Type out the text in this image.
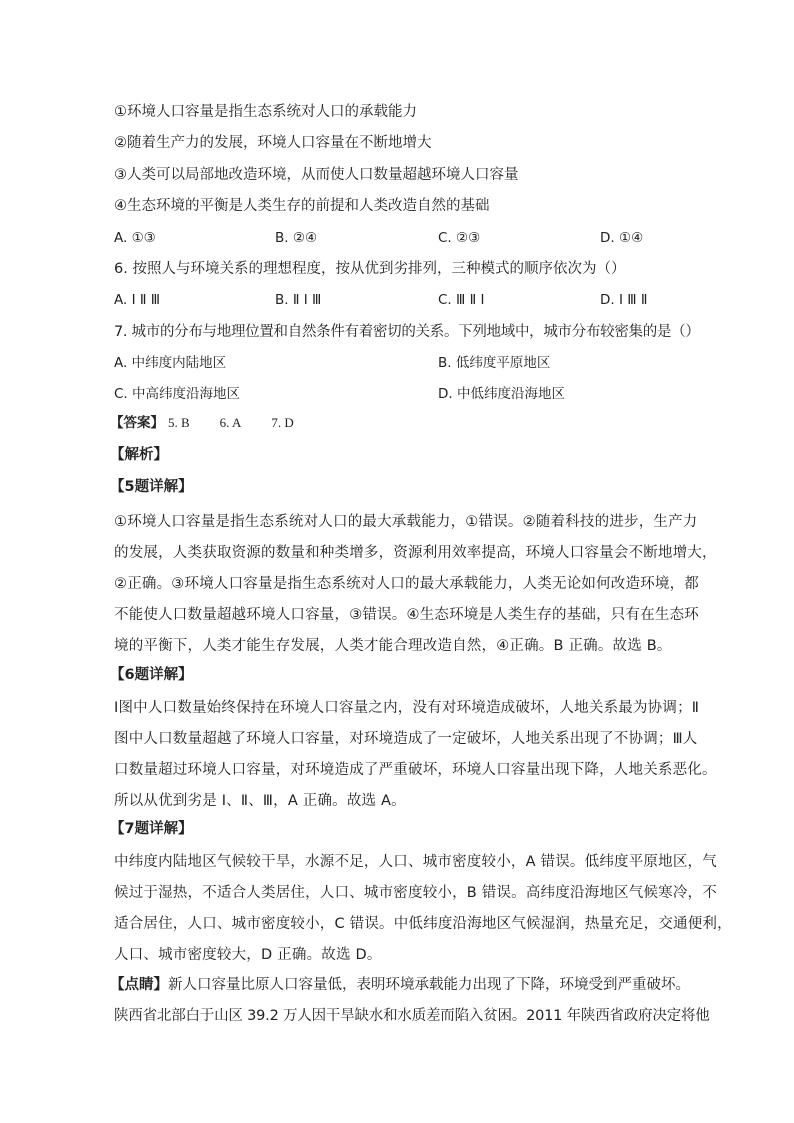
①环境人口容量是指生态系统对人口的承载能力
②随着生产力的发展，环境人口容量在不断地增大
③人类可以局部地改造环境，从而使人口数量超越环境人口容量
④生态环境的平衡是人类生存的前提和人类改造自然的基础
A. ①③	B. ②④	C. ②③	D. ①④
6. 按照人与环境关系的理想程度，按从优到劣排列，三种模式的顺序依次为（）
A. Ⅰ Ⅱ Ⅲ	B. Ⅱ Ⅰ Ⅲ	C. Ⅲ Ⅱ Ⅰ	D. Ⅰ Ⅲ Ⅱ
7. 城市的分布与地理位置和自然条件有着密切的关系。下列地域中，城市分布较密集的是（）
A. 中纬度内陆地区	B. 低纬度平原地区
C. 中高纬度沿海地区	D. 中低纬度沿海地区
【答案】 5. B 6. A 7. D
【解析】
【5题详解】
①环境人口容量是指生态系统对人口的最大承载能力，①错误。②随着科技的进步，生产力
的发展，人类获取资源的数量和种类增多，资源利用效率提高，环境人口容量会不断地增大，
②正确。③环境人口容量是指生态系统对人口的最大承载能力，人类无论如何改造环境，都
不能使人口数量超越环境人口容量，③错误。④生态环境是人类生存的基础，只有在生态环
境的平衡下，人类才能生存发展，人类才能合理改造自然，④正确。B 正确。故选 B。
【6题详解】
Ⅰ图中人口数量始终保持在环境人口容量之内，没有对环境造成破坏，人地关系最为协调；Ⅱ
图中人口数量超越了环境人口容量，对环境造成了一定破坏，人地关系出现了不协调；Ⅲ人
口数量超过环境人口容量，对环境造成了严重破坏，环境人口容量出现下降，人地关系恶化。
所以从优到劣是 Ⅰ、Ⅱ、Ⅲ，A 正确。故选 A。
【7题详解】
中纬度内陆地区气候较干旱，水源不足，人口、城市密度较小，A 错误。低纬度平原地区，气
候过于湿热，不适合人类居住，人口、城市密度较小，B 错误。高纬度沿海地区气候寒冷，不
适合居住，人口、城市密度较小，C 错误。中低纬度沿海地区气候湿润，热量充足，交通便利，
人口、城市密度较大，D 正确。故选 D。
【点睛】新人口容量比原人口容量低，表明环境承载能力出现了下降，环境受到严重破坏。
陕西省北部白于山区 39.2 万人因干旱缺水和水质差而陷入贫困。2011 年陕西省政府决定将他
